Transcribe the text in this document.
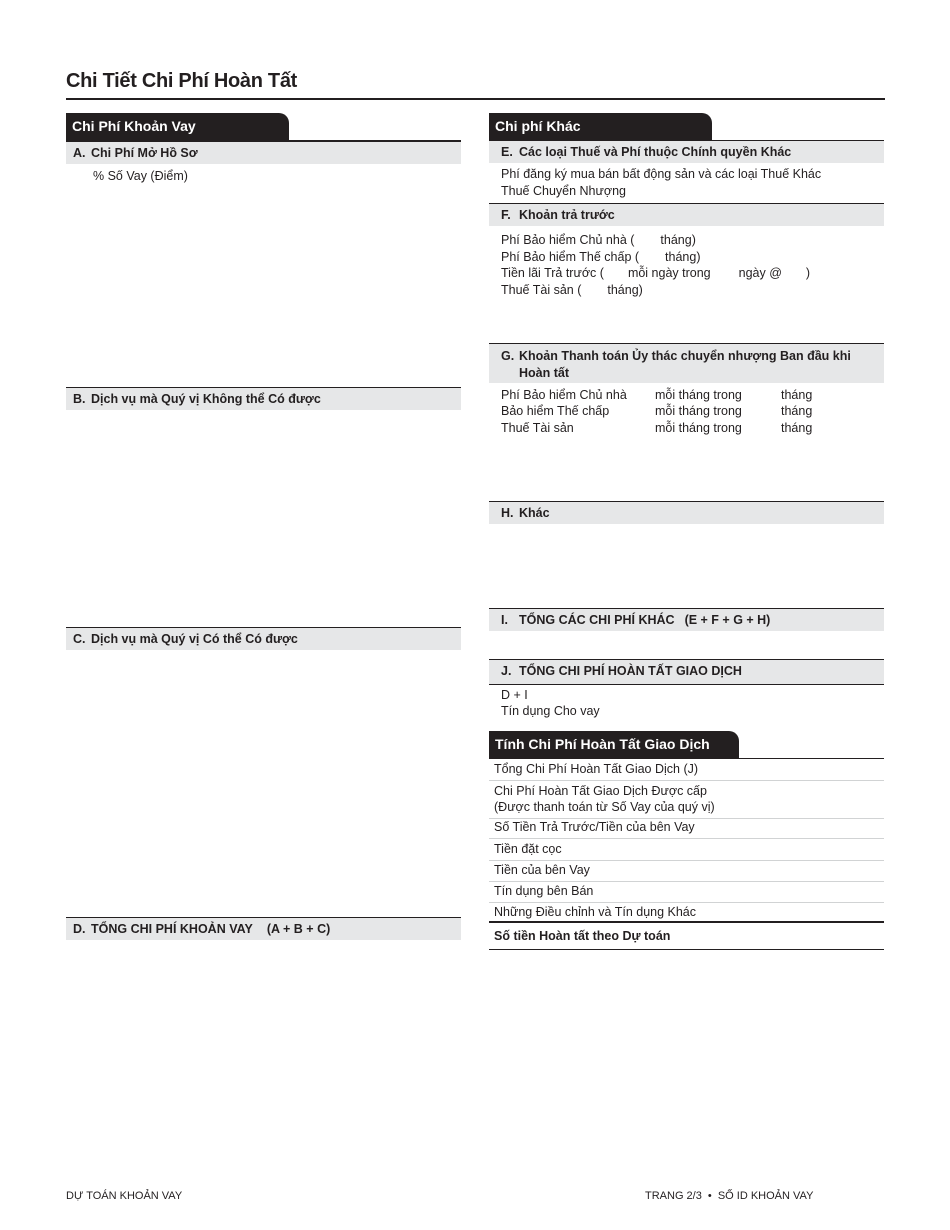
Chi Tiết Chi Phí Hoàn Tất
Chi Phí Khoản Vay
A. Chi Phí Mở Hồ Sơ
% Số Vay (Điểm)
B. Dịch vụ mà Quý vị Không thể Có được
C. Dịch vụ mà Quý vị Có thể Có được
D. TỔNG CHI PHÍ KHOẢN VAY (A + B + C)
Chi phí Khác
E. Các loại Thuế và Phí thuộc Chính quyền Khác
Phí đăng ký mua bán bất động sản và các loại Thuế Khác
Thuế Chuyển Nhượng
F. Khoản trả trước
Phí Bảo hiểm Chủ nhà ( tháng)
Phí Bảo hiểm Thế chấp ( tháng)
Tiền lãi Trả trước ( mỗi ngày trong ngày @ )
Thuế Tài sản ( tháng)
G. Khoản Thanh toán Ủy thác chuyển nhượng Ban đầu khi Hoàn tất
Phí Bảo hiểm Chủ nhà mỗi tháng trong	tháng
Bảo hiểm Thế chấp	mỗi tháng trong	tháng
Thuế Tài sản	mỗi tháng trong	tháng
H. Khác
I. TỔNG CÁC CHI PHÍ KHÁC (E + F + G + H)
J. TỔNG CHI PHÍ HOÀN TẤT GIAO DỊCH
D + I
Tín dụng Cho vay
Tính Chi Phí Hoàn Tất Giao Dịch
Tổng Chi Phí Hoàn Tất Giao Dịch (J)
Chi Phí Hoàn Tất Giao Dịch Được cấp
(Được thanh toán từ Số Vay của quý vị)
Số Tiền Trả Trước/Tiền của bên Vay
Tiền đặt cọc
Tiền của bên Vay
Tín dụng bên Bán
Những Điều chỉnh và Tín dụng Khác
Số tiền Hoàn tất theo Dự toán
DỰ TOÁN KHOẢN VAY	TRANG 2/3 • SỐ ID KHOẢN VAY
